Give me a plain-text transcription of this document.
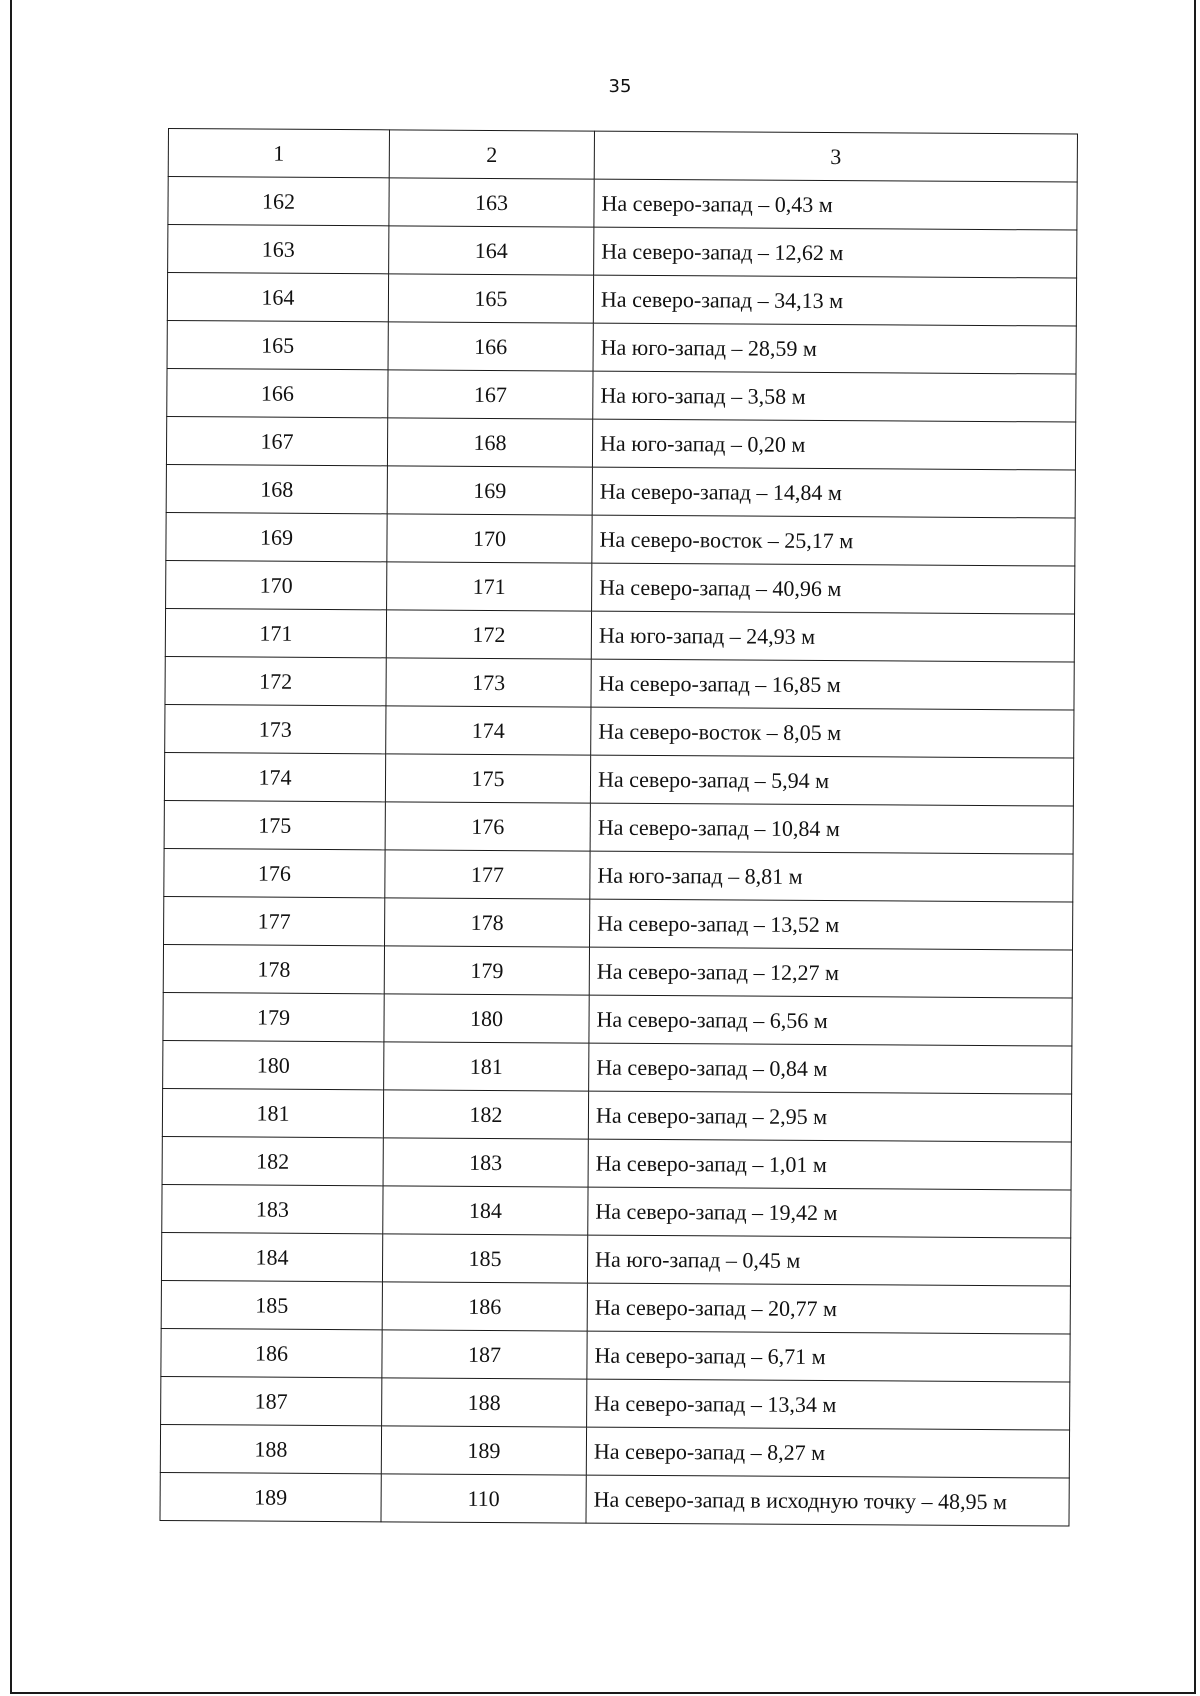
35
1	2	3
162	163	На северо-запад – 0,43 м
163	164	На северо-запад – 12,62 м
164	165	На северо-запад – 34,13 м
165	166	На юго-запад – 28,59 м
166	167	На юго-запад – 3,58 м
167	168	На юго-запад – 0,20 м
168	169	На северо-запад – 14,84 м
169	170	На северо-восток – 25,17 м
170	171	На северо-запад – 40,96 м
171	172	На юго-запад – 24,93 м
172	173	На северо-запад – 16,85 м
173	174	На северо-восток – 8,05 м
174	175	На северо-запад – 5,94 м
175	176	На северо-запад – 10,84 м
176	177	На юго-запад – 8,81 м
177	178	На северо-запад – 13,52 м
178	179	На северо-запад – 12,27 м
179	180	На северо-запад – 6,56 м
180	181	На северо-запад – 0,84 м
181	182	На северо-запад – 2,95 м
182	183	На северо-запад – 1,01 м
183	184	На северо-запад – 19,42 м
184	185	На юго-запад – 0,45 м
185	186	На северо-запад – 20,77 м
186	187	На северо-запад – 6,71 м
187	188	На северо-запад – 13,34 м
188	189	На северо-запад – 8,27 м
189	110	На северо-запад в исходную точку – 48,95 м
